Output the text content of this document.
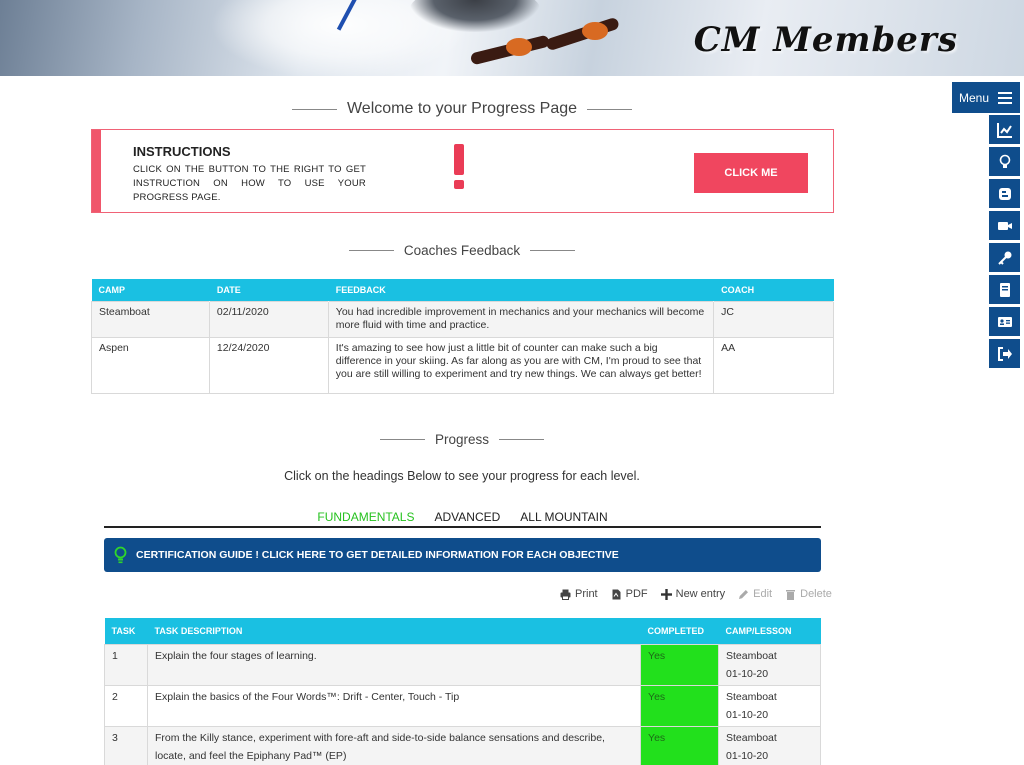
CM Members
Menu
Welcome to your Progress Page
INSTRUCTIONS
CLICK ON THE BUTTON TO THE RIGHT TO GET INSTRUCTION ON HOW TO USE YOUR PROGRESS PAGE.
CLICK ME
Coaches Feedback
CAMP	DATE	FEEDBACK	COACH
Steamboat	02/11/2020	You had incredible improvement in mechanics and your mechanics will become more fluid with time and practice.	JC
Aspen	12/24/2020	It's amazing to see how just a little bit of counter can make such a big difference in your skiing. As far along as you are with CM, I'm proud to see that you are still willing to experiment and try new things. We can always get better!	AA
Progress
Click on the headings Below to see your progress for each level.
FUNDAMENTALS ADVANCED ALL MOUNTAIN
CERTIFICATION GUIDE ! CLICK HERE TO GET DETAILED INFORMATION FOR EACH OBJECTIVE
Print	PDF	New entry	Edit	Delete
TASK	TASK DESCRIPTION	COMPLETED	CAMP/LESSON
1	Explain the four stages of learning.	Yes	Steamboat
01-10-20

2	Explain the basics of the Four Words™: Drift - Center, Touch - Tip	Yes	Steamboat
01-10-20

3	From the Killy stance, experiment with fore-aft and side-to-side balance sensations and describe, locate, and feel the Epiphany Pad™ (EP)	Yes	Steamboat
01-10-20
